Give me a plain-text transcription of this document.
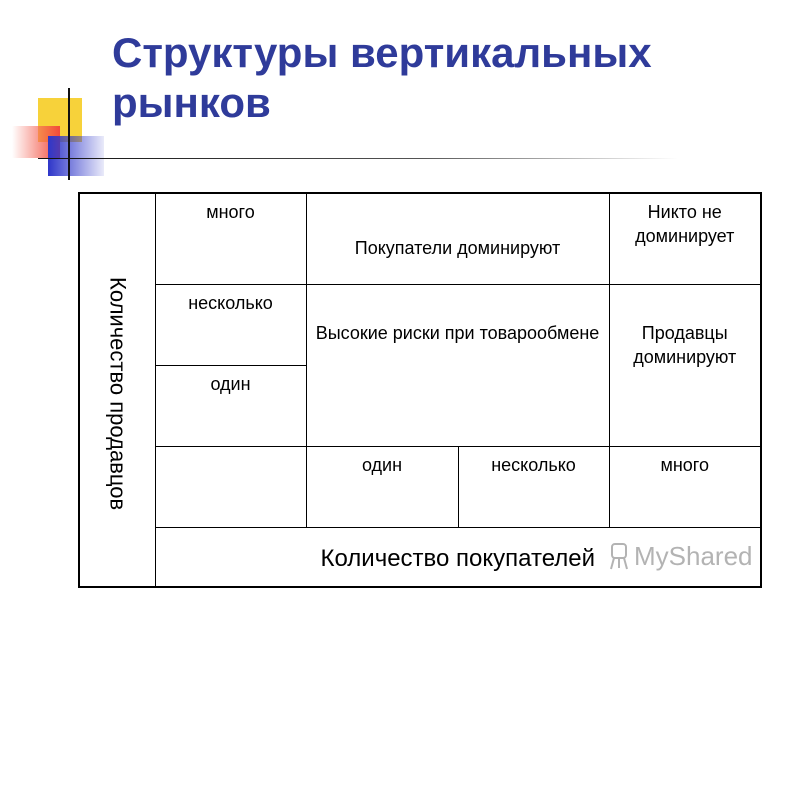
Структуры вертикальных рынков
Количество продавцов	много	Покупатели доминируют		Никто не доминирует
	несколько	Высокие риски при товарообмене		Продавцы доминируют
	один			
		один	несколько	много
	Количество покупателей			MyShared
